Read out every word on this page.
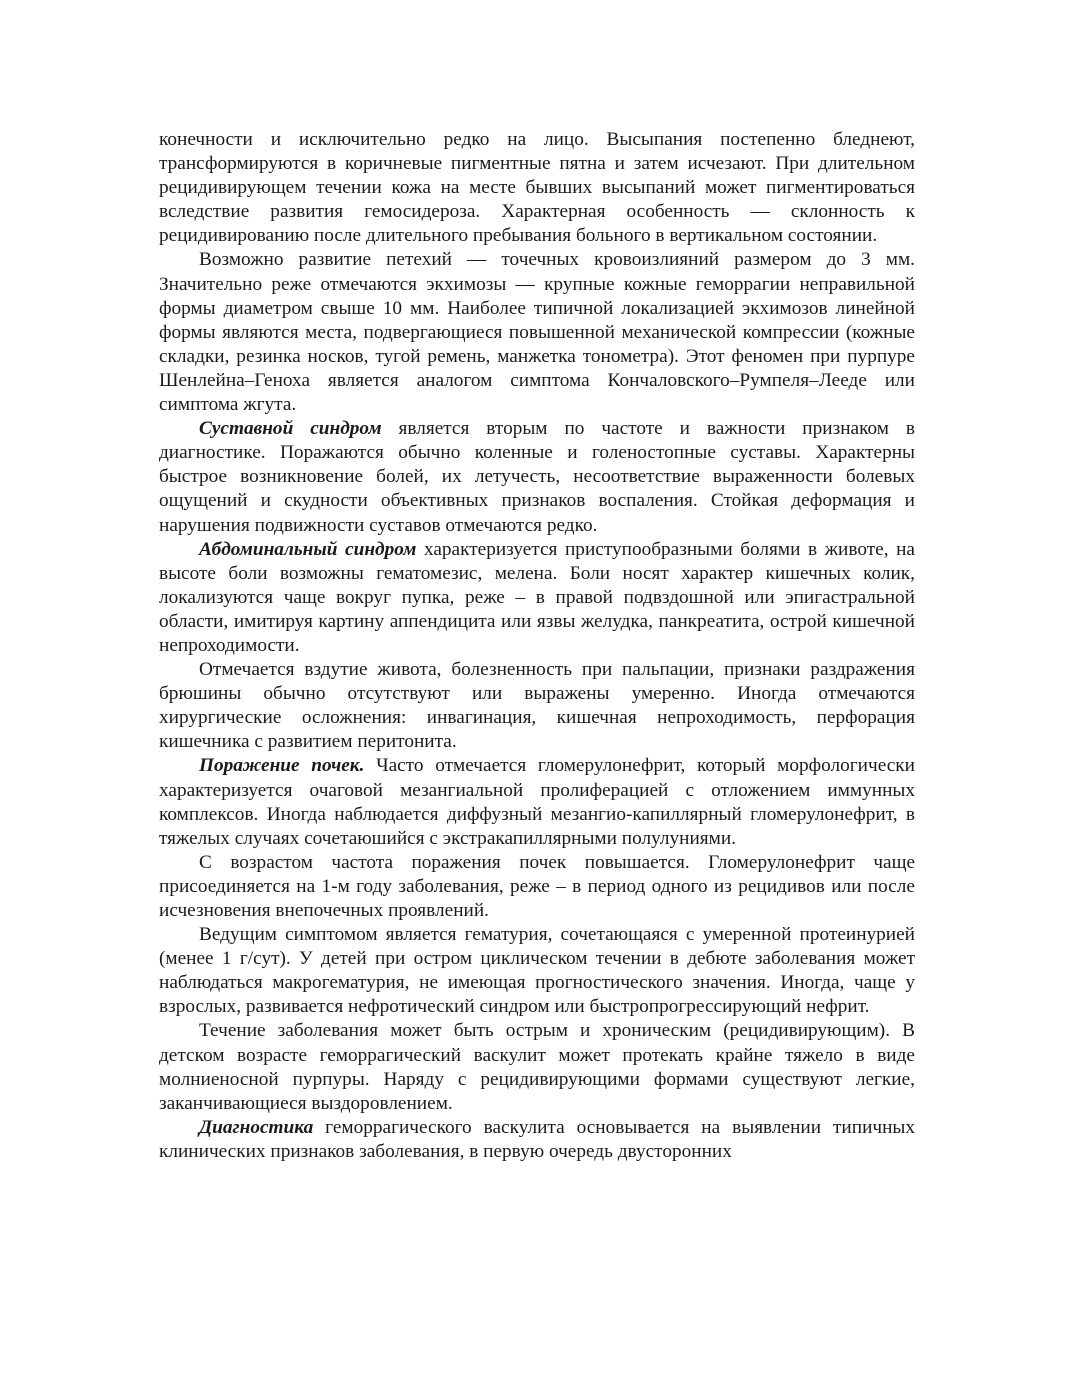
конечности и исключительно редко на лицо. Высыпания постепенно бледнеют, трансформируются в коричневые пигментные пятна и затем исчезают. При длительном рецидивирующем течении кожа на месте бывших высыпаний может пигментироваться вследствие развития гемосидероза. Характерная особенность — склонность к рецидивированию после длительного пребывания больного в вертикальном состоянии.

Возможно развитие петехий — точечных кровоизлияний размером до 3 мм. Значительно реже отмечаются экхимозы — крупные кожные геморрагии неправильной формы диаметром свыше 10 мм. Наиболее типичной локализацией экхимозов линейной формы являются места, подвергающиеся повышенной механической компрессии (кожные складки, резинка носков, тугой ремень, манжетка тонометра). Этот феномен при пурпуре Шенлейна–Геноха является аналогом симптома Кончаловского–Румпеля–Лееде или симптома жгута.

Суставной синдром является вторым по частоте и важности признаком в диагностике. Поражаются обычно коленные и голеностопные суставы. Характерны быстрое возникновение болей, их летучесть, несоответствие выраженности болевых ощущений и скудности объективных признаков воспаления. Стойкая деформация и нарушения подвижности суставов отмечаются редко.

Абдоминальный синдром характеризуется приступообразными болями в животе, на высоте боли возможны гематомезис, мелена. Боли носят характер кишечных колик, локализуются чаще вокруг пупка, реже – в правой подвздошной или эпигастральной области, имитируя картину аппендицита или язвы желудка, панкреатита, острой кишечной непроходимости.

Отмечается вздутие живота, болезненность при пальпации, признаки раздражения брюшины обычно отсутствуют или выражены умеренно. Иногда отмечаются хирургические осложнения: инвагинация, кишечная непроходимость, перфорация кишечника с развитием перитонита.

Поражение почек. Часто отмечается гломерулонефрит, который морфологически характеризуется очаговой мезангиальной пролиферацией с отложением иммунных комплексов. Иногда наблюдается диффузный мезангио-капиллярный гломерулонефрит, в тяжелых случаях сочетаюшийся с экстракапиллярными полулуниями.

С возрастом частота поражения почек повышается. Гломерулонефрит чаще присоединяется на 1-м году заболевания, реже – в период одного из рецидивов или после исчезновения внепочечных проявлений.

Ведущим симптомом является гематурия, сочетающаяся с умеренной протеинурией (менее 1 г/сут). У детей при остром циклическом течении в дебюте заболевания может наблюдаться макрогематурия, не имеющая прогностического значения. Иногда, чаще у взрослых, развивается нефротический синдром или быстропрогрессирующий нефрит.

Течение заболевания может быть острым и хроническим (рецидивирующим). В детском возрасте геморрагический васкулит может протекать крайне тяжело в виде молниеносной пурпуры. Наряду с рецидивирующими формами существуют легкие, заканчивающиеся выздоровлением.

Диагностика геморрагического васкулита основывается на выявлении типичных клинических признаков заболевания, в первую очередь двусторонних
